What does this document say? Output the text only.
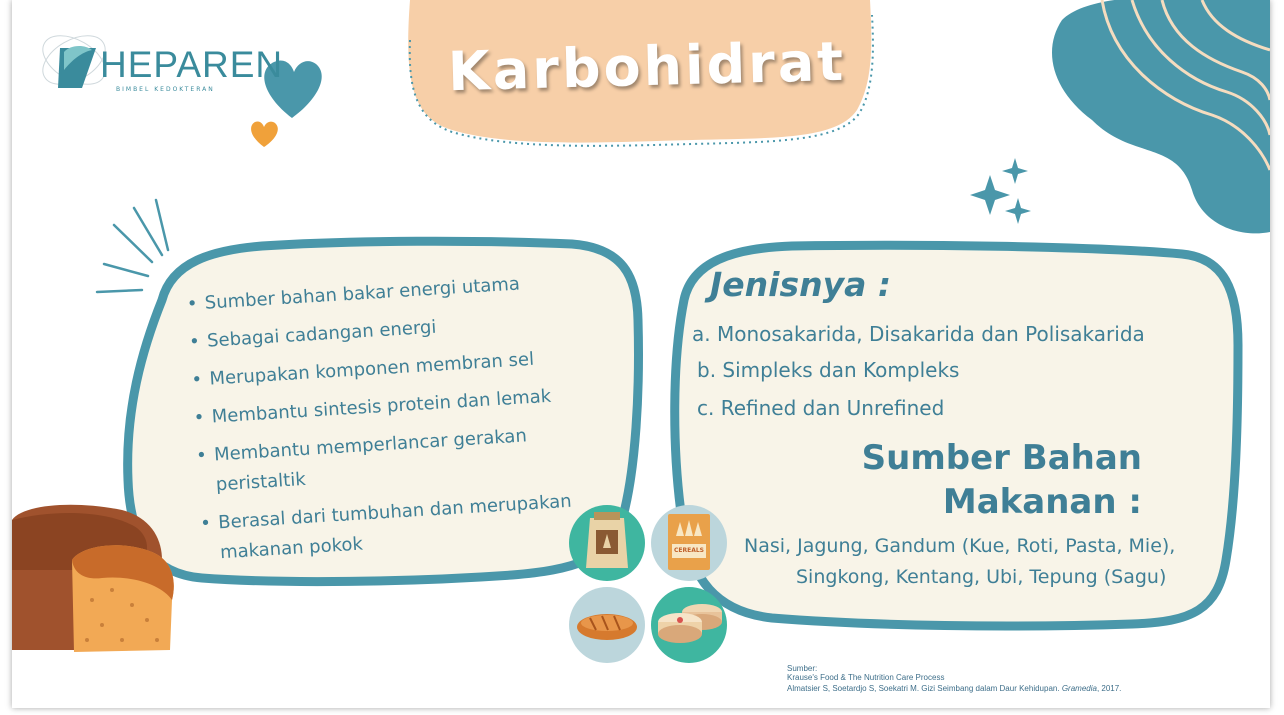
HEPAREN
BIMBEL KEDOKTERAN	Karbohidrat
• Sumber bahan bakar energi utama
• Sebagai cadangan energi
• Merupakan komponen membran sel
• Membantu sintesis protein dan lemak
• Membantu memperlancar gerakan peristaltik
• Berasal dari tumbuhan dan merupakan makanan pokok
Jenisnya :
a. Monosakarida, Disakarida dan Polisakarida
b. Simpleks dan Kompleks
c. Refined dan Unrefined
Sumber Bahan
Makanan :
Nasi, Jagung, Gandum (Kue, Roti, Pasta, Mie),
Singkong, Kentang, Ubi, Tepung (Sagu)
CEREALS
Sumber:
Krause's Food & The Nutrition Care Process
Almatsier S, Soetardjo S, Soekatri M. Gizi Seimbang dalam Daur Kehidupan. Gramedia, 2017.
